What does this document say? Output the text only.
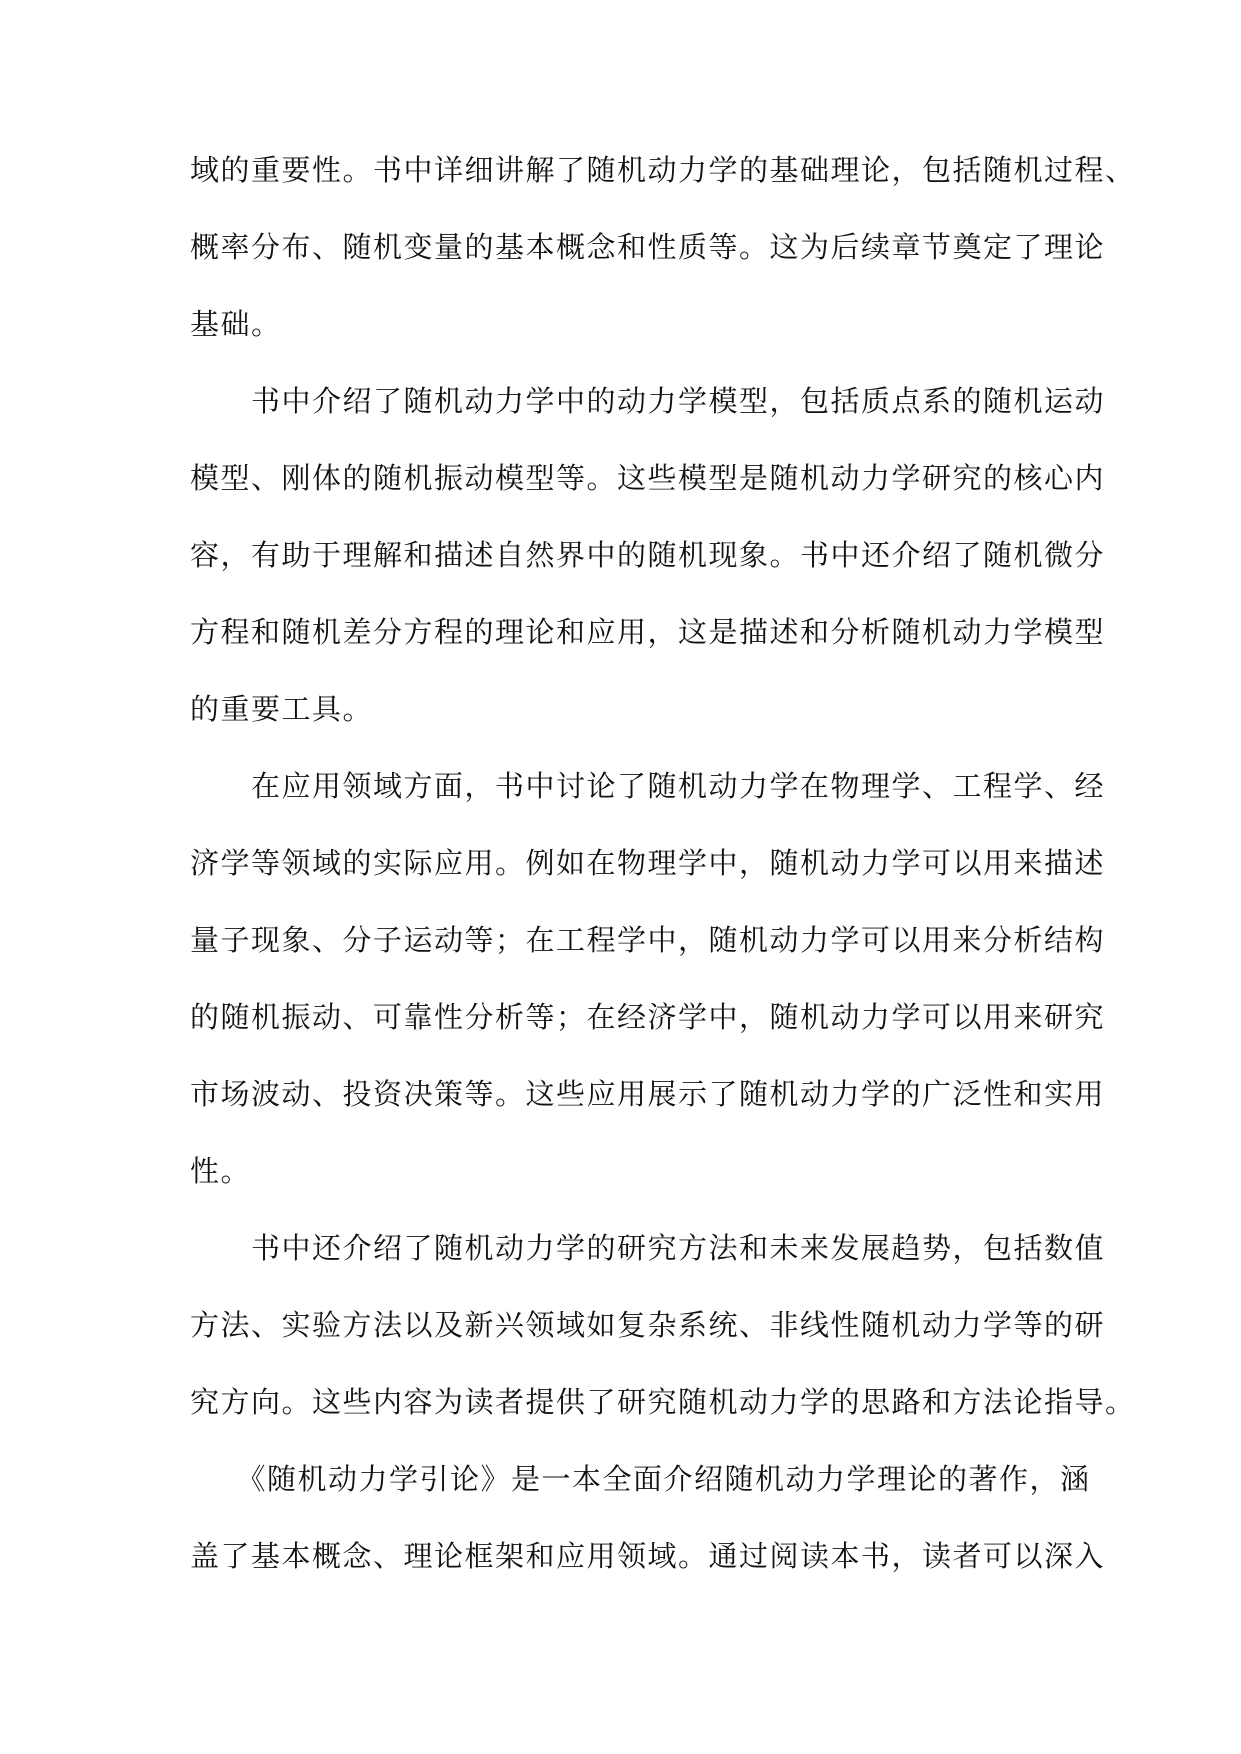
域的重要性。书中详细讲解了随机动力学的基础理论，包括随机过程、
概率分布、随机变量的基本概念和性质等。这为后续章节奠定了理论
基础。
　　书中介绍了随机动力学中的动力学模型，包括质点系的随机运动
模型、刚体的随机振动模型等。这些模型是随机动力学研究的核心内
容，有助于理解和描述自然界中的随机现象。书中还介绍了随机微分
方程和随机差分方程的理论和应用，这是描述和分析随机动力学模型
的重要工具。
　　在应用领域方面，书中讨论了随机动力学在物理学、工程学、经
济学等领域的实际应用。例如在物理学中，随机动力学可以用来描述
量子现象、分子运动等；在工程学中，随机动力学可以用来分析结构
的随机振动、可靠性分析等；在经济学中，随机动力学可以用来研究
市场波动、投资决策等。这些应用展示了随机动力学的广泛性和实用
性。
　　书中还介绍了随机动力学的研究方法和未来发展趋势，包括数值
方法、实验方法以及新兴领域如复杂系统、非线性随机动力学等的研
究方向。这些内容为读者提供了研究随机动力学的思路和方法论指导。
　　《随机动力学引论》是一本全面介绍随机动力学理论的著作，涵
盖了基本概念、理论框架和应用领域。通过阅读本书，读者可以深入
